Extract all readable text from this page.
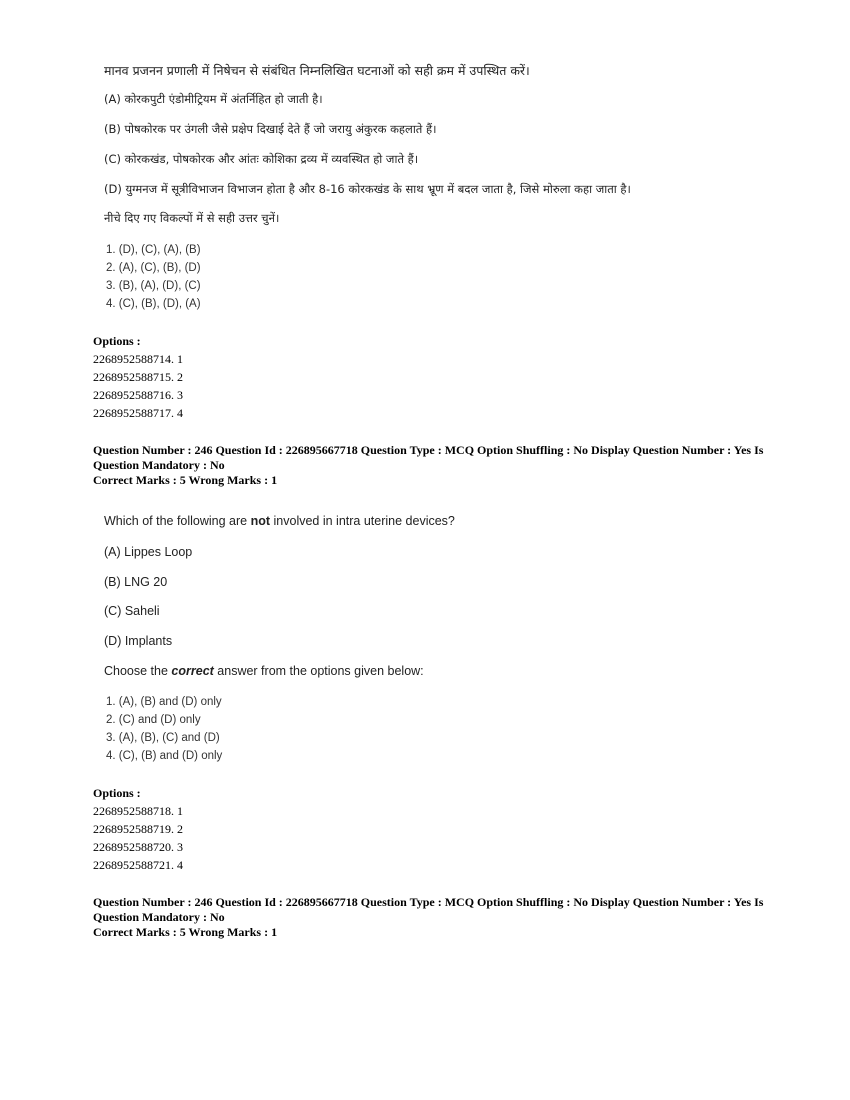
मानव प्रजनन प्रणाली में निषेचन से संबंधित निम्नलिखित घटनाओं को सही क्रम में उपस्थित करें।
(A) कोरकपुटी एंडोमीट्रियम में अंतर्निहित हो जाती है।
(B) पोषकोरक पर उंगली जैसे प्रक्षेप दिखाई देते हैं जो जरायु अंकुरक कहलाते हैं।
(C) कोरकखंड, पोषकोरक और आंतः कोशिका द्रव्य में व्यवस्थित हो जाते हैं।
(D) युग्मनज में सूत्रीविभाजन विभाजन होता है और 8-16 कोरकखंड के साथ भ्रूण में बदल जाता है, जिसे मोरुला कहा जाता है।
नीचे दिए गए विकल्पों में से सही उत्तर चुनें।
1. (D), (C), (A), (B)
2. (A), (C), (B), (D)
3. (B), (A), (D), (C)
4. (C), (B), (D), (A)
Options :
2268952588714. 1
2268952588715. 2
2268952588716. 3
2268952588717. 4
Question Number : 246 Question Id : 226895667718 Question Type : MCQ Option Shuffling : No Display Question Number : Yes Is
Question Mandatory : No
Correct Marks : 5 Wrong Marks : 1
Which of the following are not involved in intra uterine devices?
(A) Lippes Loop
(B) LNG 20
(C) Saheli
(D) Implants
Choose the correct answer from the options given below:
1. (A), (B) and (D) only
2. (C) and (D) only
3. (A), (B), (C) and (D)
4. (C), (B) and (D) only
Options :
2268952588718. 1
2268952588719. 2
2268952588720. 3
2268952588721. 4
Question Number : 246 Question Id : 226895667718 Question Type : MCQ Option Shuffling : No Display Question Number : Yes Is
Question Mandatory : No
Correct Marks : 5 Wrong Marks : 1
